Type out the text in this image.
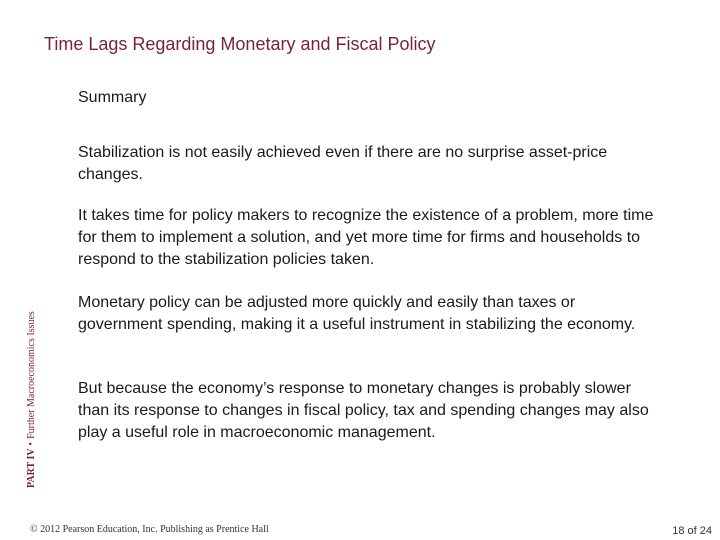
Time Lags Regarding Monetary and Fiscal Policy
Summary
Stabilization is not easily achieved even if there are no surprise asset-price changes.
It takes time for policy makers to recognize the existence of a problem, more time for them to implement a solution, and yet more time for firms and households to respond to the stabilization policies taken.
Monetary policy can be adjusted more quickly and easily than taxes or government spending, making it a useful instrument in stabilizing the economy.
But because the economy’s response to monetary changes is probably slower than its response to changes in fiscal policy, tax and spending changes may also play a useful role in macroeconomic management.
PART IV•Further Macroeconomics Issues
© 2012 Pearson Education, Inc. Publishing as Prentice Hall	18 of 24
